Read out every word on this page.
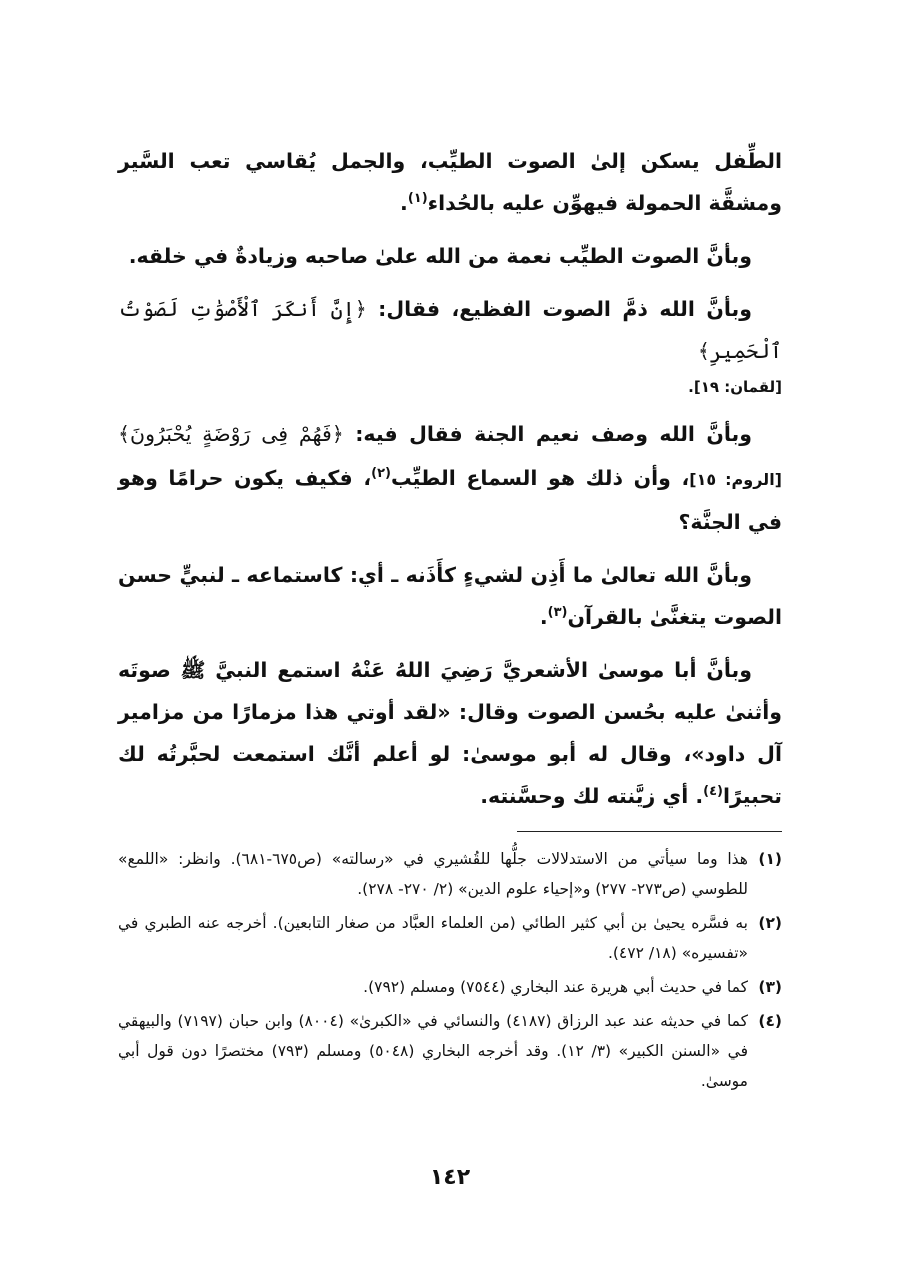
الطِّفل يسكن إلىٰ الصوت الطيِّب، والجمل يُقاسي تعب السَّير ومشقَّة الحمولة فيهوِّن عليه بالحُداء$^{(١)}$.

وبأنَّ الصوت الطيِّب نعمة من الله علىٰ صاحبه وزيادةٌ في خلقه.

وبأنَّ الله ذمَّ الصوت الفظيع، فقال: ﴿إِنَّ أَنكَرَ ٱلْأَصْوَٰتِ لَصَوْتُ ٱلْحَمِيرِ﴾
[لقمان: ١٩].

وبأنَّ الله وصف نعيم الجنة فقال فيه: ﴿فَهُمْ فِى رَوْضَةٍ يُحْبَرُونَ﴾ [الروم: ١٥]، وأن ذلك هو السماع الطيِّب$^{(٢)}$، فكيف يكون حرامًا وهو في الجنَّة؟

وبأنَّ الله تعالىٰ ما أَذِن لشيءٍ كأَذَنه ـ أي: كاستماعه ـ لنبيٍّ حسن الصوت يتغنَّىٰ بالقرآن$^{(٣)}$.

وبأنَّ أبا موسىٰ الأشعريَّ رَضِيَ اللهُ عَنْهُ استمع النبيَّ ﷺ صوتَه وأثنىٰ عليه بحُسن الصوت وقال: «لقد أوتي هذا مزمارًا من مزامير آل داود»، وقال له أبو موسىٰ: لو أعلم أنَّك استمعت لحبَّرتُه لك تحبيرًا$^{(٤)}$. أي زيَّنته لك وحسَّنته.

(١)
هذا وما سيأتي من الاستدلالات جلُّها للقُشيري في «رسالته» (ص٦٧٥-٦٨١). وانظر: «اللمع» للطوسي (ص٢٧٣- ٢٧٧) و«إحياء علوم الدين» (٢/ ٢٧٠- ٢٧٨).
(٢)
به فسَّره يحيىٰ بن أبي كثير الطائي (من العلماء العبَّاد من صغار التابعين). أخرجه عنه الطبري في «تفسيره» (١٨/ ٤٧٢).
(٣)
كما في حديث أبي هريرة عند البخاري (٧٥٤٤) ومسلم (٧٩٢).
(٤)
كما في حديثه عند عبد الرزاق (٤١٨٧) والنسائي في «الكبرىٰ» (٨٠٠٤) وابن حبان (٧١٩٧) والبيهقي في «السنن الكبير» (٣/ ١٢). وقد أخرجه البخاري (٥٠٤٨) ومسلم (٧٩٣) مختصرًا دون قول أبي موسىٰ.
١٤٢
